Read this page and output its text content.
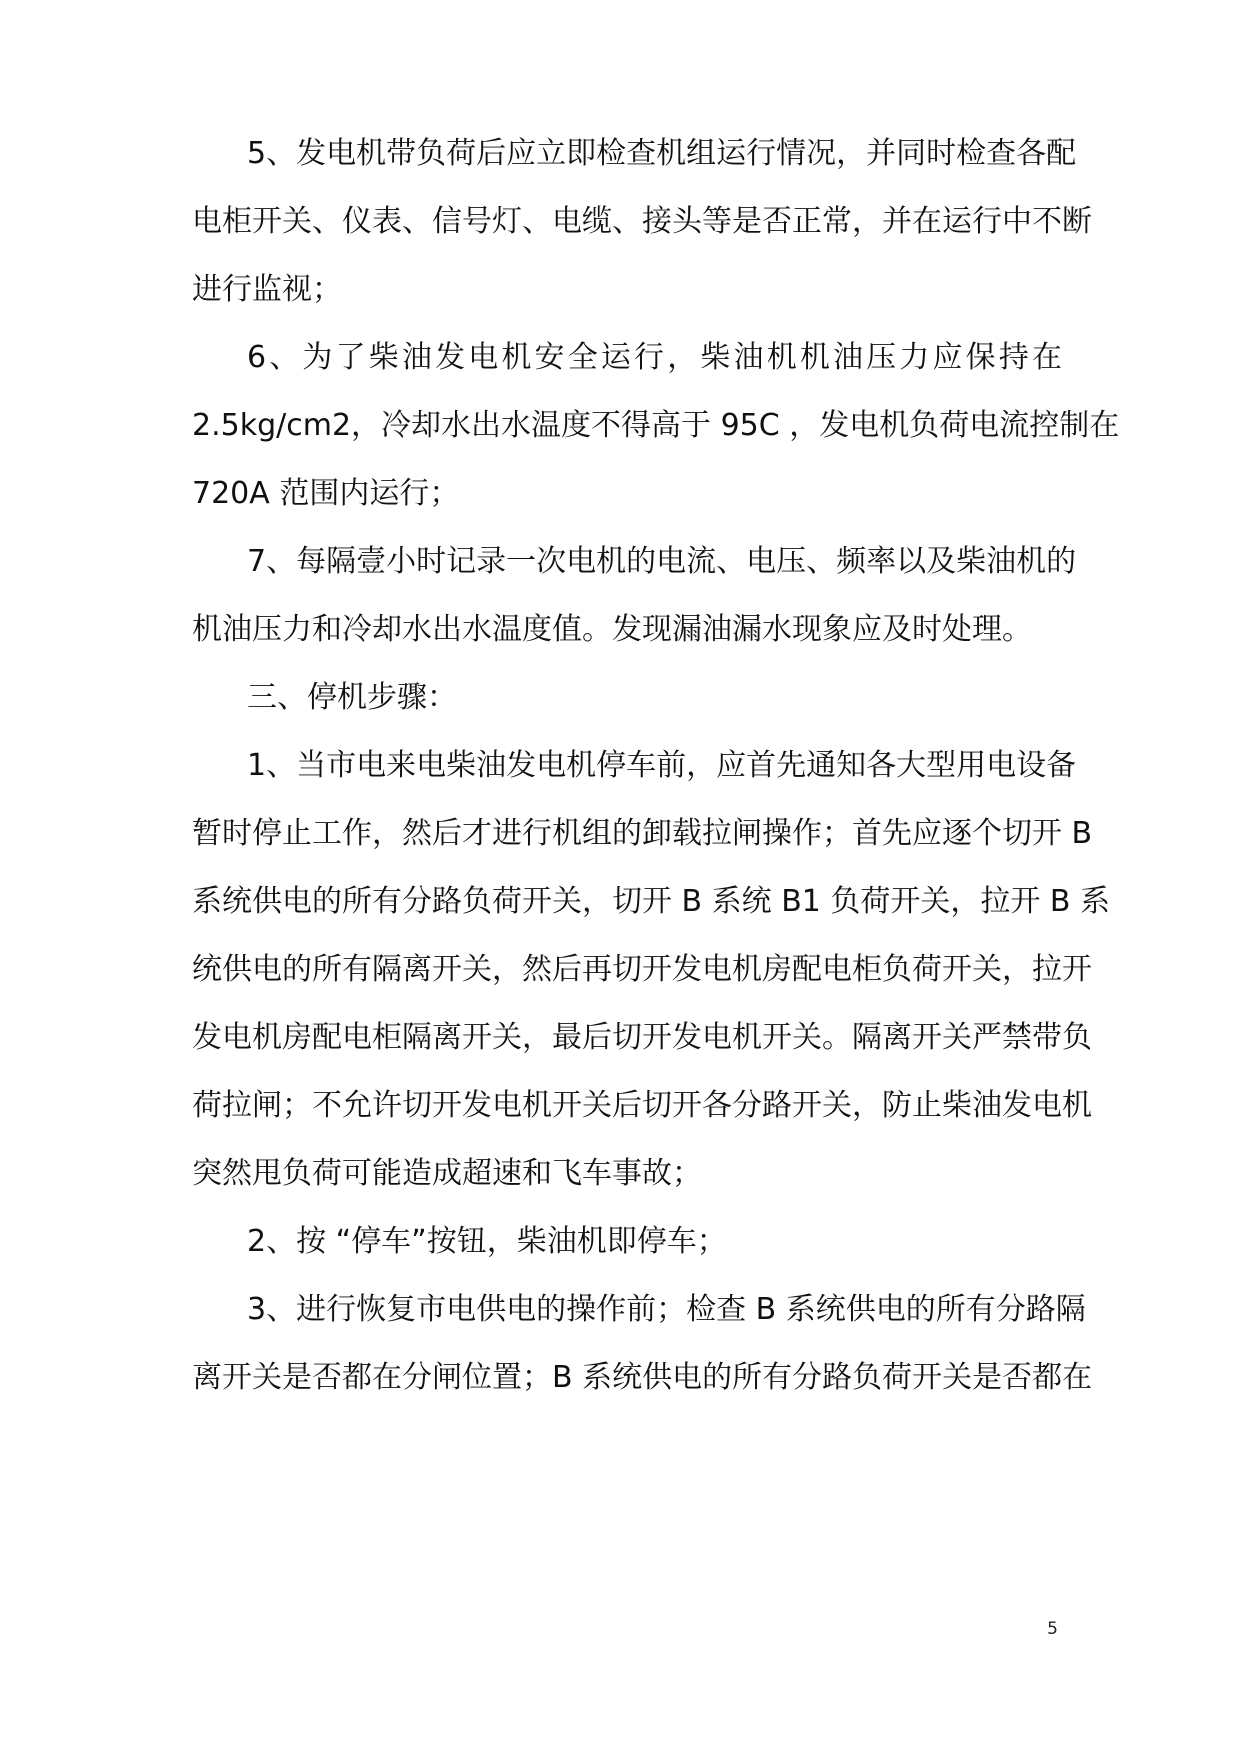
5、发电机带负荷后应立即检查机组运行情况，并同时检查各配
电柜开关、仪表、信号灯、电缆、接头等是否正常，并在运行中不断
进行监视；
6、为了柴油发电机安全运行，柴油机机油压力应保持在
2.5kg/cm2，冷却水出水温度不得高于 95C ，发电机负荷电流控制在
720A 范围内运行；
7、每隔壹小时记录一次电机的电流、电压、频率以及柴油机的
机油压力和冷却水出水温度值。发现漏油漏水现象应及时处理。
三、停机步骤：
1、当市电来电柴油发电机停车前，应首先通知各大型用电设备
暂时停止工作，然后才进行机组的卸载拉闸操作；首先应逐个切开 B
系统供电的所有分路负荷开关，切开 B 系统 B1 负荷开关，拉开 B 系
统供电的所有隔离开关，然后再切开发电机房配电柜负荷开关，拉开
发电机房配电柜隔离开关，最后切开发电机开关。隔离开关严禁带负
荷拉闸；不允许切开发电机开关后切开各分路开关，防止柴油发电机
突然甩负荷可能造成超速和飞车事故；
2、按 “停车”按钮，柴油机即停车；
3、进行恢复市电供电的操作前；检查 B 系统供电的所有分路隔
离开关是否都在分闸位置；B 系统供电的所有分路负荷开关是否都在
5
